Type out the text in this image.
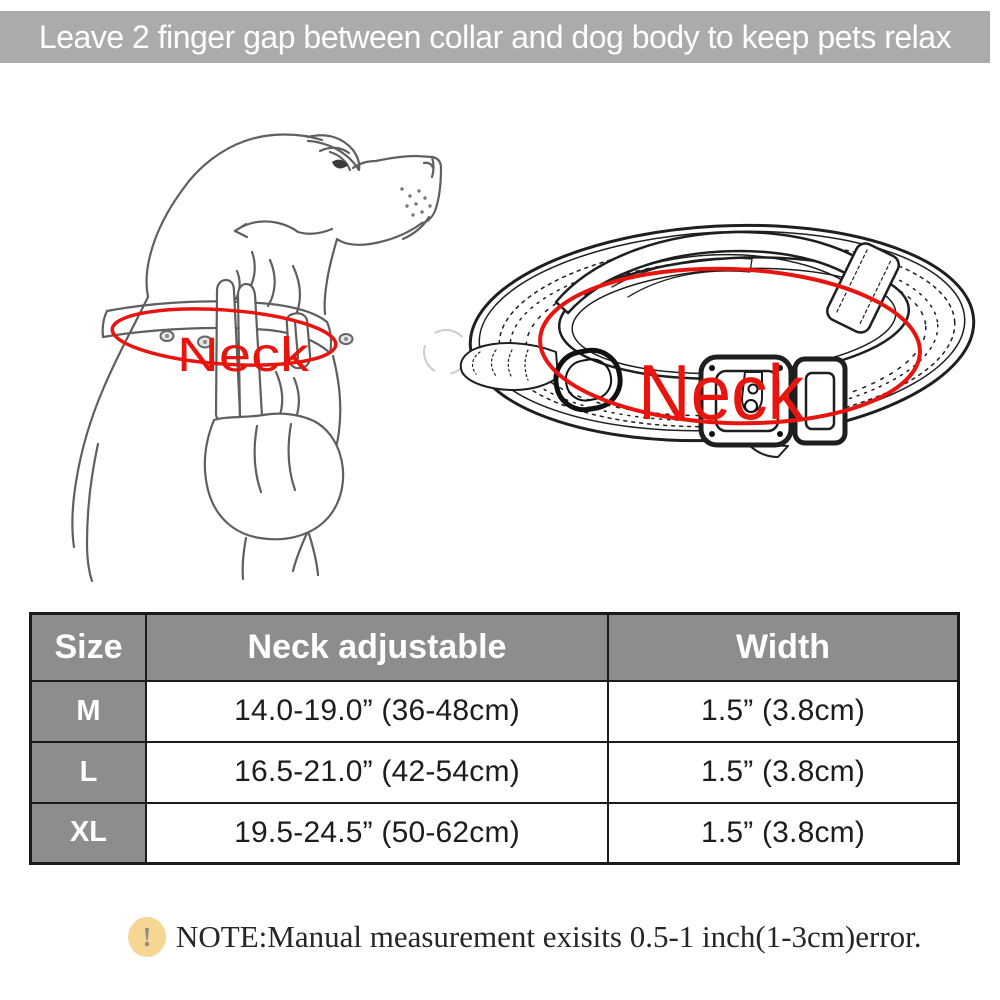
Leave 2 finger gap between collar and dog body to keep pets relax
Neck	Neck
Size	Neck adjustable	Width
M	14.0-19.0” (36-48cm)	1.5” (3.8cm)
L	16.5-21.0” (42-54cm)	1.5” (3.8cm)
XL	19.5-24.5” (50-62cm)	1.5” (3.8cm)
! NOTE:Manual measurement exisits 0.5-1 inch(1-3cm)error.
